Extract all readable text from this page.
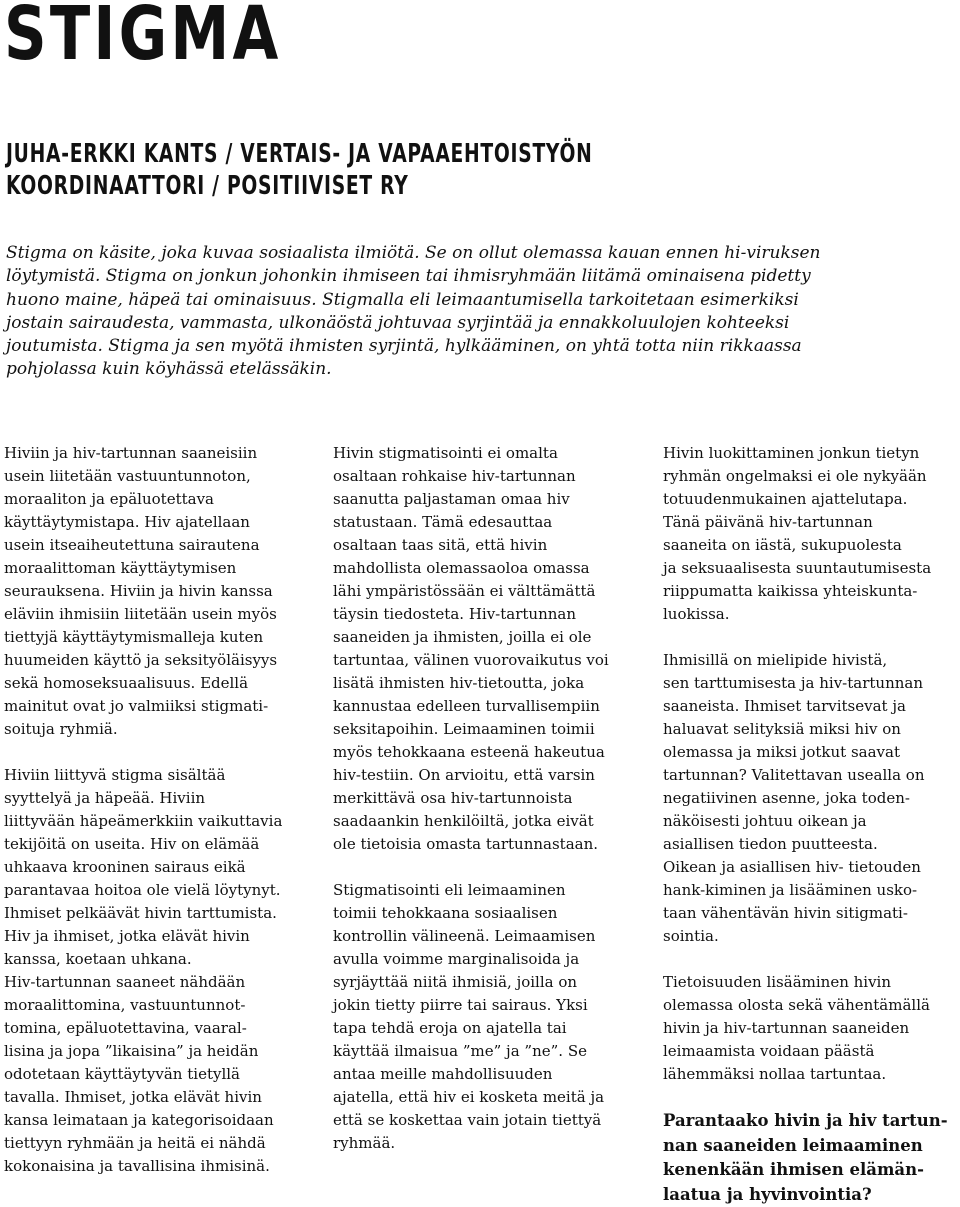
STIGMA
JUHA-ERKKI KANTS / VERTAIS- JA VAPAAEHTOISTYÖN
KOORDINAATTORI / POSITIIVISET RY
Stigma on käsite, joka kuvaa sosiaalista ilmiötä. Se on ollut olemassa kauan ennen hi-viruksen
löytymistä. Stigma on jonkun johonkin ihmiseen tai ihmisryhmään liitämä ominaisena pidetty
huono maine, häpeä tai ominaisuus. Stigmalla eli leimaantumisella tarkoitetaan esimerkiksi
jostain sairaudesta, vammasta, ulkonäöstä johtuvaa syrjintää ja ennakkoluulojen kohteeksi
joutumista. Stigma ja sen myötä ihmisten syrjintä, hylkääminen, on yhtä totta niin rikkaassa
pohjolassa kuin köyhässä etelässäkin.
Hiviin ja hiv-tartunnan saaneisiin
usein liitetään vastuuntunnoton,
moraaliton ja epäluotettava
käyttäytymistapa. Hiv ajatellaan
usein itseaiheutettuna sairautena
moraalittoman käyttäytymisen
seurauksena. Hiviin ja hivin kanssa
eläviin ihmisiin liitetään usein myös
tiettyjä käyttäytymismalleja kuten
huumeiden käyttö ja seksityöläisyys
sekä homoseksuaalisuus. Edellä
mainitut ovat jo valmiiksi stigmati-
soituja ryhmiä.
Hiviin liittyvä stigma sisältää
syyttelyä ja häpeää. Hiviin
liittyvään häpeämerkkiin vaikuttavia
tekijöitä on useita. Hiv on elämää
uhkaava krooninen sairaus eikä
parantavaa hoitoa ole vielä löytynyt.
Ihmiset pelkäävät hivin tarttumista.
Hiv ja ihmiset, jotka elävät hivin
kanssa, koetaan uhkana.
Hiv-tartunnan saaneet nähdään
moraalittomina, vastuuntunnot-
tomina, epäluotettavina, vaaral-
lisina ja jopa ”likaisina” ja heidän
odotetaan käyttäytyvän tietyllä
tavalla. Ihmiset, jotka elävät hivin
kansa leimataan ja kategorisoidaan
tiettyyn ryhmään ja heitä ei nähdä
kokonaisina ja tavallisina ihmisinä.
Hivin stigmatisointi ei omalta
osaltaan rohkaise hiv-tartunnan
saanutta paljastaman omaa hiv
statustaan. Tämä edesauttaa
osaltaan taas sitä, että hivin
mahdollista olemassaoloa omassa
lähi ympäristössään ei välttämättä
täysin tiedosteta. Hiv-tartunnan
saaneiden ja ihmisten, joilla ei ole
tartuntaa, välinen vuorovaikutus voi
lisätä ihmisten hiv-tietoutta, joka
kannustaa edelleen turvallisempiin
seksitapoihin. Leimaaminen toimii
myös tehokkaana esteenä hakeutua
hiv-testiin. On arvioitu, että varsin
merkittävä osa hiv-tartunnoista
saadaankin henkilöiltä, jotka eivät
ole tietoisia omasta tartunnastaan.
Stigmatisointi eli leimaaminen
toimii tehokkaana sosiaalisen
kontrollin välineenä. Leimaamisen
avulla voimme marginalisoida ja
syrjäyttää niitä ihmisiä, joilla on
jokin tietty piirre tai sairaus. Yksi
tapa tehdä eroja on ajatella tai
käyttää ilmaisua ”me” ja ”ne”. Se
antaa meille mahdollisuuden
ajatella, että hiv ei kosketa meitä ja
että se koskettaa vain jotain tiettyä
ryhmää.
Hivin luokittaminen jonkun tietyn
ryhmän ongelmaksi ei ole nykyään
totuudenmukainen ajattelutapa.
Tänä päivänä hiv-tartunnan
saaneita on iästä, sukupuolesta
ja seksuaalisesta suuntautumisesta
riippumatta kaikissa yhteiskunta-
luokissa.
Ihmisillä on mielipide hivistä,
sen tarttumisesta ja hiv-tartunnan
saaneista. Ihmiset tarvitsevat ja
haluavat selityksiä miksi hiv on
olemassa ja miksi jotkut saavat
tartunnan? Valitettavan usealla on
negatiivinen asenne, joka toden-
näköisesti johtuu oikean ja
asiallisen tiedon puutteesta.
Oikean ja asiallisen hiv- tietouden
hank-kiminen ja lisääminen usko-
taan vähentävän hivin sitigmati-
sointia.
Tietoisuuden lisääminen hivin
olemassa olosta sekä vähentämällä
hivin ja hiv-tartunnan saaneiden
leimaamista voidaan päästä
lähemmäksi nollaa tartuntaa.
Parantaako hivin ja hiv tartun-
nan saaneiden leimaaminen
kenenkään ihmisen elämän-
laatua ja hyvinvointia?
